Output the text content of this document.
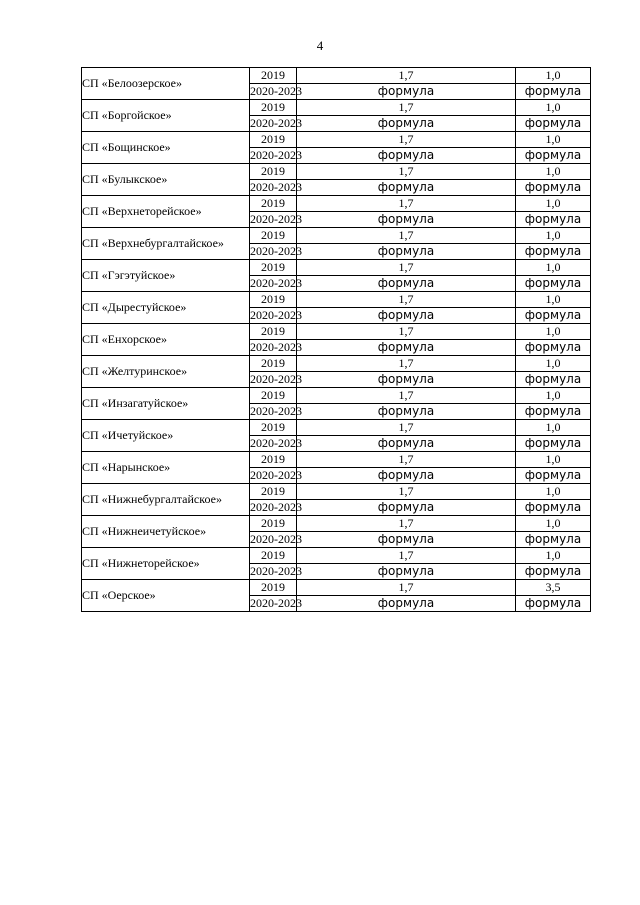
4
СП «Белоозерское»	2019	1,7	1,0
	2020-2023	формула	формула
СП «Боргойское»	2019	1,7	1,0
	2020-2023	формула	формула
СП «Бощинское»	2019	1,7	1,0
	2020-2023	формула	формула
СП «Булыкское»	2019	1,7	1,0
	2020-2023	формула	формула
СП «Верхнеторейское»	2019	1,7	1,0
	2020-2023	формула	формула
СП «Верхнебургалтайское»	2019	1,7	1,0
	2020-2023	формула	формула
СП «Гэгэтуйское»	2019	1,7	1,0
	2020-2023	формула	формула
СП «Дырестуйское»	2019	1,7	1,0
	2020-2023	формула	формула
СП «Енхорское»	2019	1,7	1,0
	2020-2023	формула	формула
СП «Желтуринское»	2019	1,7	1,0
	2020-2023	формула	формула
СП «Инзагатуйское»	2019	1,7	1,0
	2020-2023	формула	формула
СП «Ичетуйское»	2019	1,7	1,0
	2020-2023	формула	формула
СП «Нарынское»	2019	1,7	1,0
	2020-2023	формула	формула
СП «Нижнебургалтайское»	2019	1,7	1,0
	2020-2023	формула	формула
СП «Нижнеичетуйское»	2019	1,7	1,0
	2020-2023	формула	формула
СП «Нижнеторейское»	2019	1,7	1,0
	2020-2023	формула	формула
СП «Оерское»	2019	1,7	3,5
	2020-2023	формула	формула
